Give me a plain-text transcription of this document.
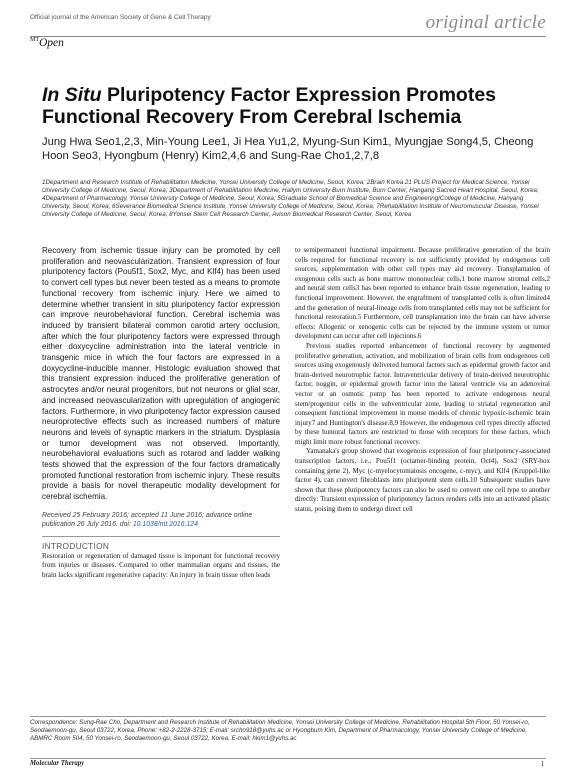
Official journal of the American Society of Gene & Cell Therapy	original article
$^{MT}$Open
In Situ Pluripotency Factor Expression Promotes Functional Recovery From Cerebral Ischemia
Jung Hwa Seo1,2,3, Min-Young Lee1, Ji Hea Yu1,2, Myung-Sun Kim1, Myungjae Song4,5, Cheong Hoon Seo3, Hyongbum (Henry) Kim2,4,6 and Sung-Rae Cho1,2,7,8
1Department and Research Institute of Rehabilitation Medicine, Yonsei University College of Medicine, Seoul, Korea; 2Brain Korea 21 PLUS Project for Medical Science, Yonsei University College of Medicine, Seoul, Korea; 3Department of Rehabilitation Medicine, Hallym University Burn Institute, Burn Center, Hangang Sacred Heart Hospital, Seoul, Korea; 4Department of Pharmacology, Yonsei University College of Medicine, Seoul, Korea; 5Graduate School of Biomedical Science and Engineering/College of Medicine, Hanyang University, Seoul, Korea; 6Severance Biomedical Science Institute, Yonsei University College of Medicine, Seoul, Korea; 7Rehabilitation Institute of Neuromuscular Disease, Yonsei University College of Medicine, Seoul, Korea; 8Yonsei Stem Cell Research Center, Avison Biomedical Research Center, Seoul, Korea

Recovery from ischemic tissue injury can be promoted by cell proliferation and neovascularization. Transient expression of four pluripotency factors (Pou5f1, Sox2, Myc, and Klf4) has been used to convert cell types but never been tested as a means to promote functional recovery from ischemic injury. Here we aimed to determine whether transient in situ pluripotency factor expression can improve neurobehavioral function. Cerebral ischemia was induced by transient bilateral common carotid artery occlusion, after which the four pluripotency factors were expressed through either doxycycline administration into the lateral ventricle in transgenic mice in which the four factors are expressed in a doxycycline-inducible manner. Histologic evaluation showed that this transient expression induced the proliferative generation of astrocytes and/or neural progenitors, but not neurons or glial scar, and increased neovascularization with upregulation of angiogenic factors. Furthermore, in vivo pluripotency factor expression caused neuroprotective effects such as increased numbers of mature neurons and levels of synaptic markers in the striatum. Dysplasia or tumor development was not observed. Importantly, neurobehavioral evaluations such as rotarod and ladder walking tests showed that the expression of the four factors dramatically promoted functional restoration from ischemic injury. These results provide a basis for novel therapeutic modality development for cerebral ischemia.

Received 25 February 2016; accepted 11 June 2016; advance online publication 26 July 2016. doi: 10.1038/mt.2016.124
INTRODUCTION

Restoration or regeneration of damaged tissue is important for functional recovery from injuries or diseases. Compared to other mammalian organs and tissues, the brain lacks significant regenerative capacity: An injury in brain tissue often leads

to semipermanent functional impairment. Because proliferative generation of the brain cells required for functional recovery is not sufficiently provided by endogenous cell sources, supplementation with other cell types may aid recovery. Transplantation of exogenous cells such as bone marrow mononuclear cells,1 bone marrow stromal cells,2 and neural stem cells3 has been reported to enhance brain tissue regeneration, leading to functional improvement. However, the engraftment of transplanted cells is often limited4 and the generation of neural-lineage cells from transplanted cells may not be sufficient for functional restoration.5 Furthermore, cell transplantation into the brain can have adverse effects: Allogenic or xenogenic cells can be rejected by the immune system or tumor development can occur after cell injections.6

Previous studies reported enhancement of functional recovery by augmented proliferative generation, activation, and mobilization of brain cells from endogenous cell sources using exogenously delivered humoral factors such as epidermal growth factor and brain-derived neurotrophic factor. Intraventricular delivery of brain-derived neurotrophic factor, noggin, or epidermal growth factor into the lateral ventricle via an adenoviral vector or an osmotic pump has been reported to activate endogenous neural stem/progenitor cells in the subventricular zone, leading to striatal regeneration and consequent functional improvement in mouse models of chronic hypoxic-ischemic brain injury7 and Huntington's disease.8,9 However, the endogenous cell types directly affected by these humoral factors are restricted to those with receptors for these factors, which might limit more robust functional recovery.

Yamanaka's group showed that exogenous expression of four pluripotency-associated transcription factors, i.e., Pou5f1 (octamer-binding protein, Oct4), Sox2 (SRY-box containing gene 2), Myc (c-myelocytomatosis oncogene, c-myc), and Klf4 (Kruppel-like factor 4), can convert fibroblasts into pluripotent stem cells.10 Subsequent studies have shown that these pluripotency factors can also be used to convert one cell type to another directly: Transient expression of pluripotency factors renders cells into an activated plastic status, poising them to undergo direct cell

Correspondence: Sung-Rae Cho, Department and Research Institute of Rehabilitation Medicine, Yonsei University College of Medicine, Rehabilitation Hospital 5th Floor, 50 Yonsei-ro, Seodaemoon-gu, Seoul 03722, Korea. Phone: +82-2-2228-3715; E-mail: srcho918@yuhs.ac or Hyongbum Kim, Department of Pharmacology, Yonsei University College of Medicine, ABMRC Room 504, 50 Yonsei-ro, Seodaemoon-gu, Seoul 03722, Korea. E-mail: hkim1@yuhs.ac
Molecular Therapy	1
